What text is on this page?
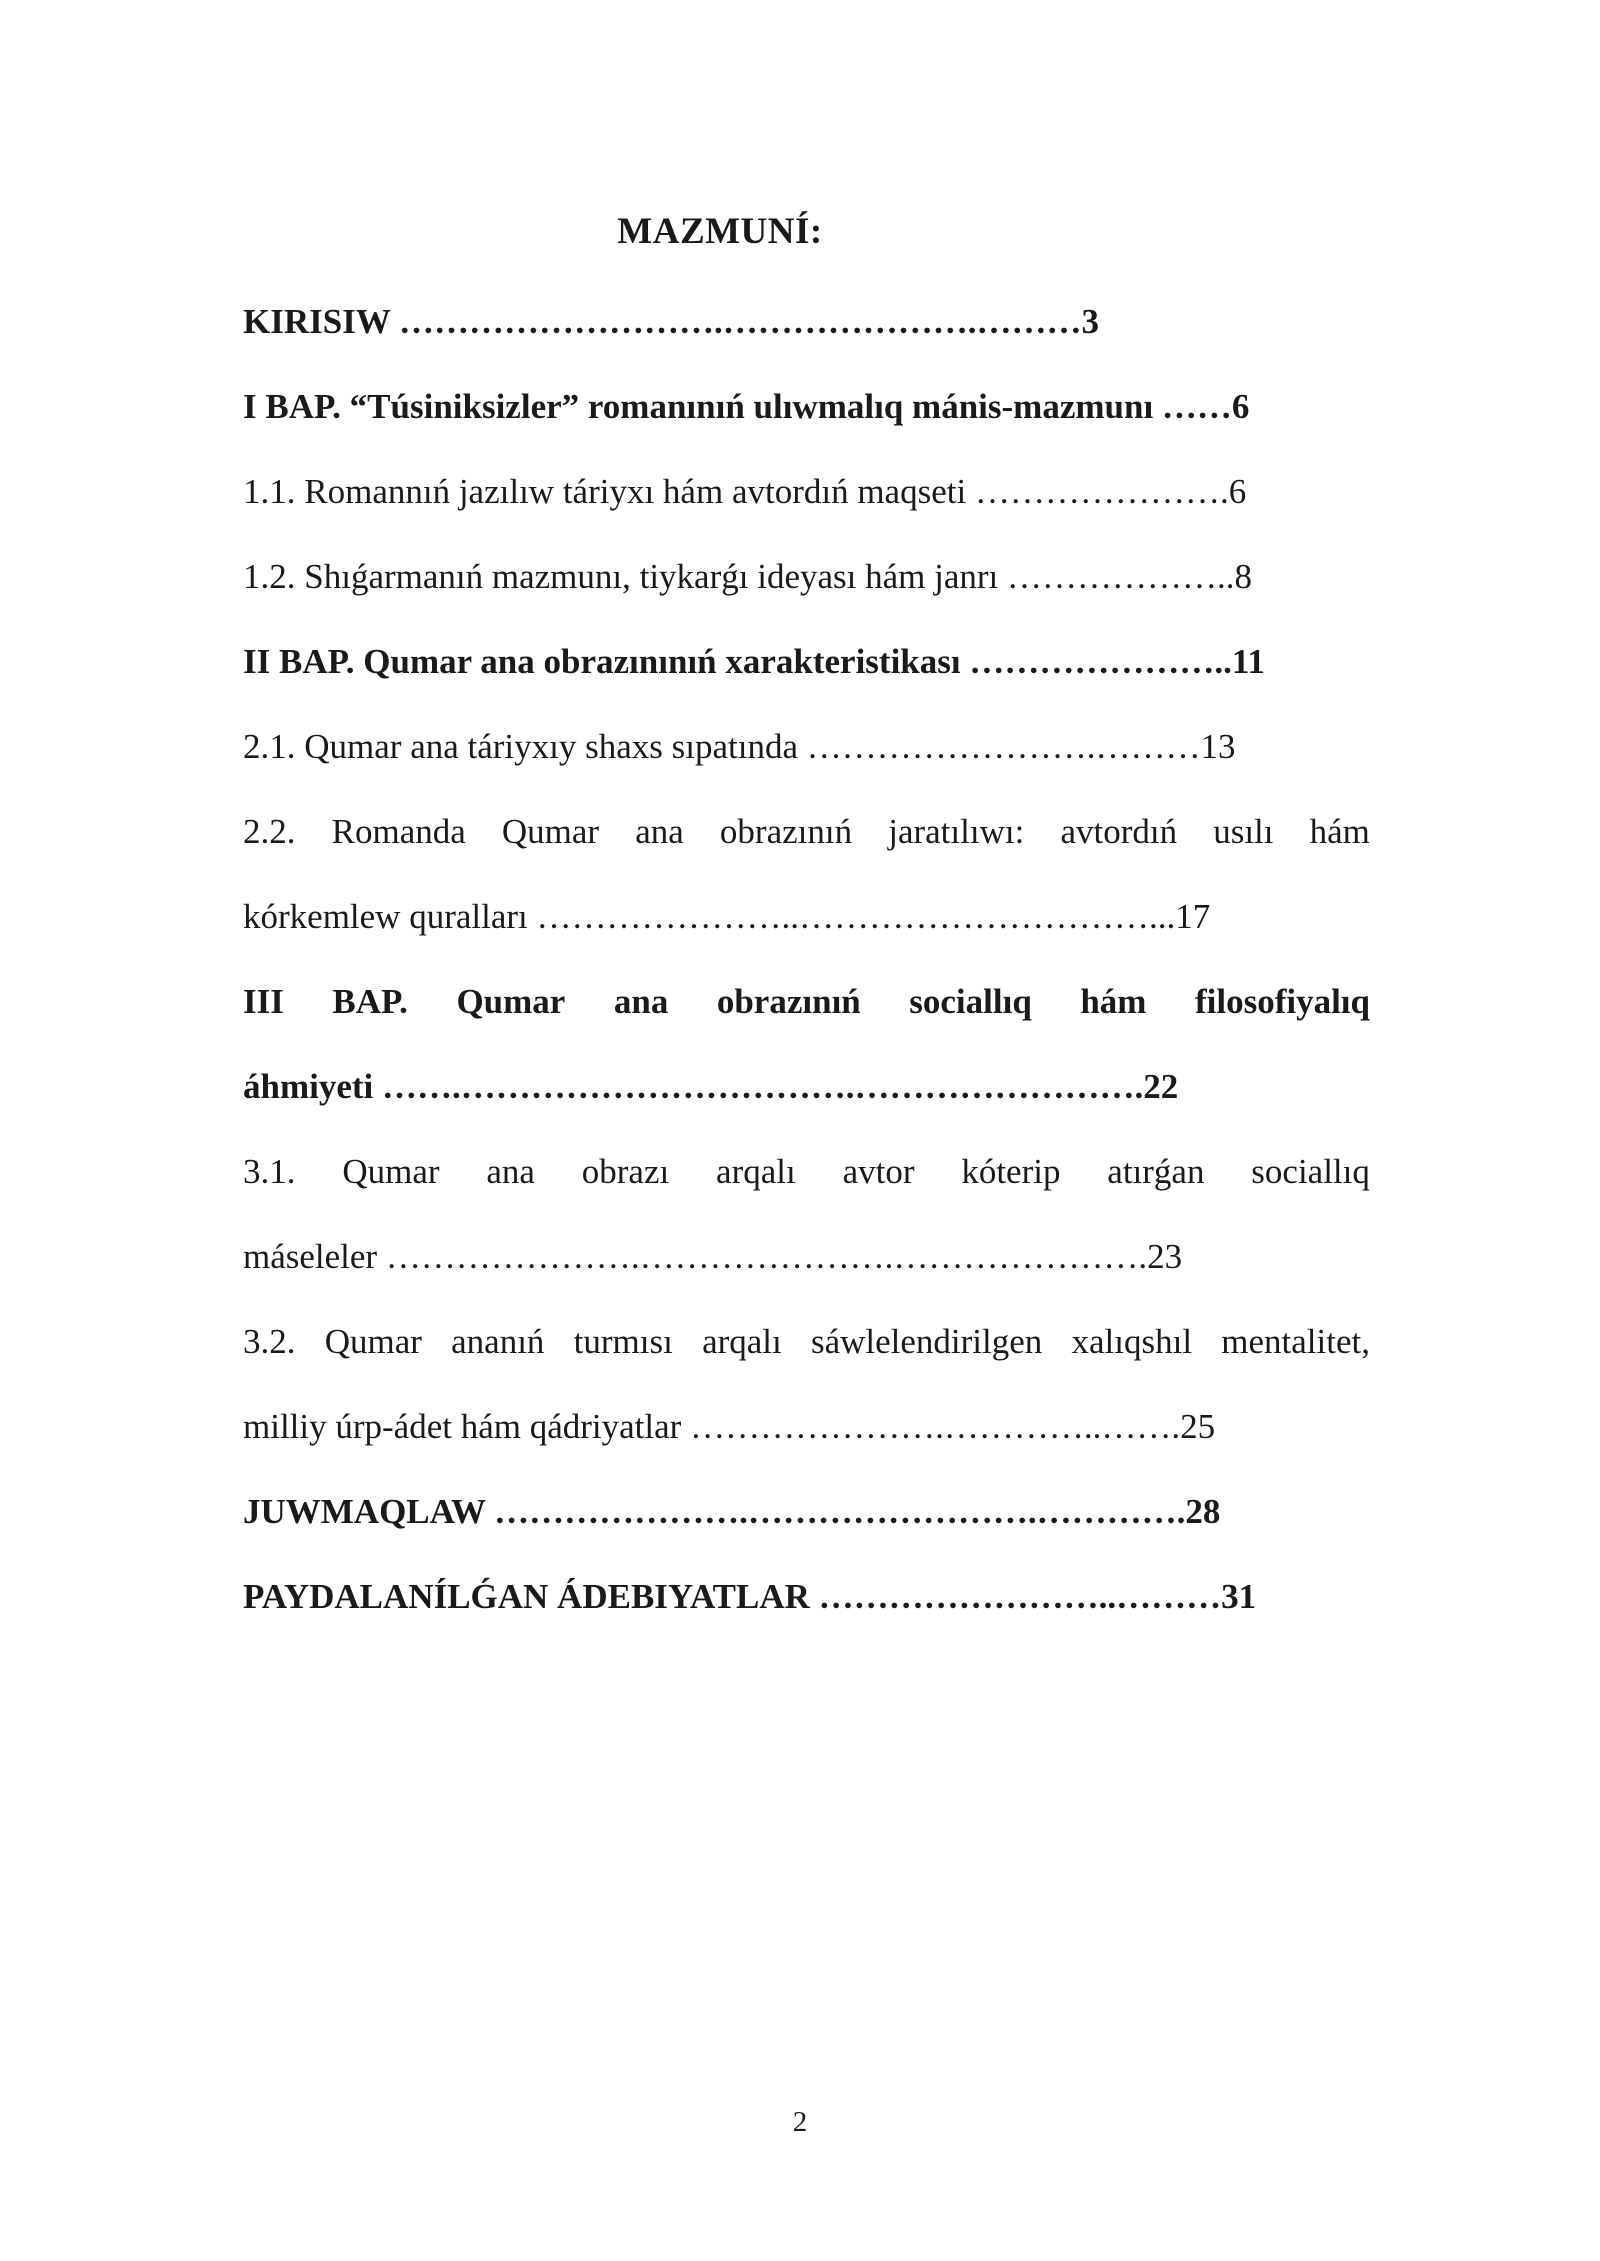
MAZMUNÍ:
KIRISIW ……………………….………………….………3
I BAP. “Túsiniksizler” romanınıń ulıwmalıq mánis-mazmunı ……6
1.1. Romannıń jazılıw táriyxı hám avtordıń maqseti ………………….6
1.2. Shıǵarmanıń mazmunı, tiykarǵı ideyası hám janrı ………………..8
II BAP. Qumar ana obrazınınıń xarakteristikası …………………..11
2.1. Qumar ana táriyxıy shaxs sıpatında …………………….………13
2.2. Romanda Qumar ana obrazınıń jaratılıwı: avtordıń usılı hám
kórkemlew quralları …………………..…………………………...17
III BAP. Qumar ana obrazınıń sociallıq hám filosofiyalıq
áhmiyeti …….…………………………….…………………….22
3.1. Qumar ana obrazı arqalı avtor kóterip atırǵan sociallıq
máseleler ………………….………………….………………….23
3.2. Qumar ananıń turmısı arqalı sáwlelendirilgen xalıqshıl mentalitet,
milliy úrp-ádet hám qádriyatlar ………………….…………..…….25
JUWMAQLAW ………………….…………………….………….28
PAYDALANÍLǴAN ÁDEBIYATLAR ……………………..………31
2
